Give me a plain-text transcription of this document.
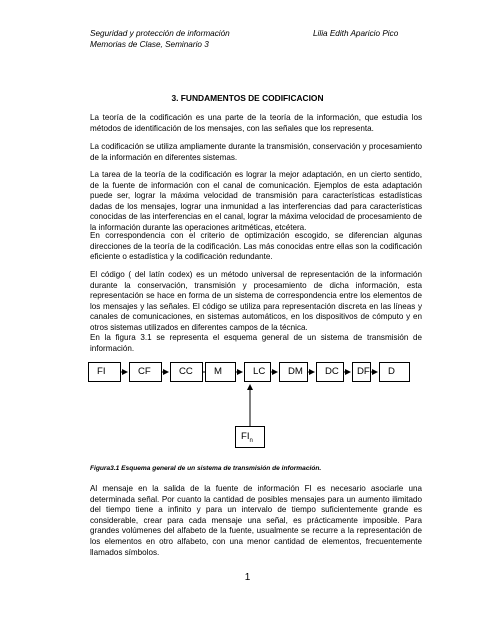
Seguridad y protección de información
Memorias de Clase, Seminario 3
Lilia Edith Aparicio Pico
3. FUNDAMENTOS DE CODIFICACION

La teoría de la codificación es una parte de la teoría de la información, que estudia los métodos de identificación de los mensajes, con las señales que los representa.

La codificación se utiliza ampliamente durante la transmisión, conservación y procesamiento de la información en diferentes sistemas.

La tarea de la teoría de la codificación es lograr la mejor adaptación, en un cierto sentido, de la fuente de información con el canal de comunicación. Ejemplos de esta adaptación puede ser, lograr la máxima velocidad de transmisión para características estadísticas dadas de los mensajes, lograr una inmunidad a las interferencias dad para características conocidas de las interferencias en el canal, lograr la máxima velocidad de procesamiento de la información durante las operaciones aritméticas, etcétera.

En correspondencia con el criterio de optimización escogido, se diferencian algunas direcciones de la teoría de la codificación. Las más conocidas entre ellas son la codificación eficiente o estadística y la codificación redundante.

El código ( del latín codex) es un método universal de representación de la información durante la conservación, transmisión y procesamiento de dicha información, esta representación se hace en forma de un sistema de correspondencia entre los elementos de los mensajes y las señales. El código se utiliza para representación discreta en las líneas y canales de comunicaciones, en sistemas automáticos, en los dispositivos de cómputo y en otros sistemas utilizados en diferentes campos de la técnica.

En la figura 3.1 se representa el esquema general de un sistema de transmisión de información.

FI	CF	CC	M	LC	DM	DC	DF	D
$FI_n$
Figura3.1 Esquema general de un sistema de transmisión de información.

Al mensaje en la salida de la fuente de información FI es necesario asociarle una determinada señal. Por cuanto la cantidad de posibles mensajes para un aumento ilimitado del tiempo tiene a infinito y para un intervalo de tiempo suficientemente grande es considerable, crear para cada mensaje una señal, es prácticamente imposible. Para grandes volúmenes del alfabeto de la fuente, usualmente se recurre a la representación de los elementos en otro alfabeto, con una menor cantidad de elementos, frecuentemente llamados símbolos.

1
